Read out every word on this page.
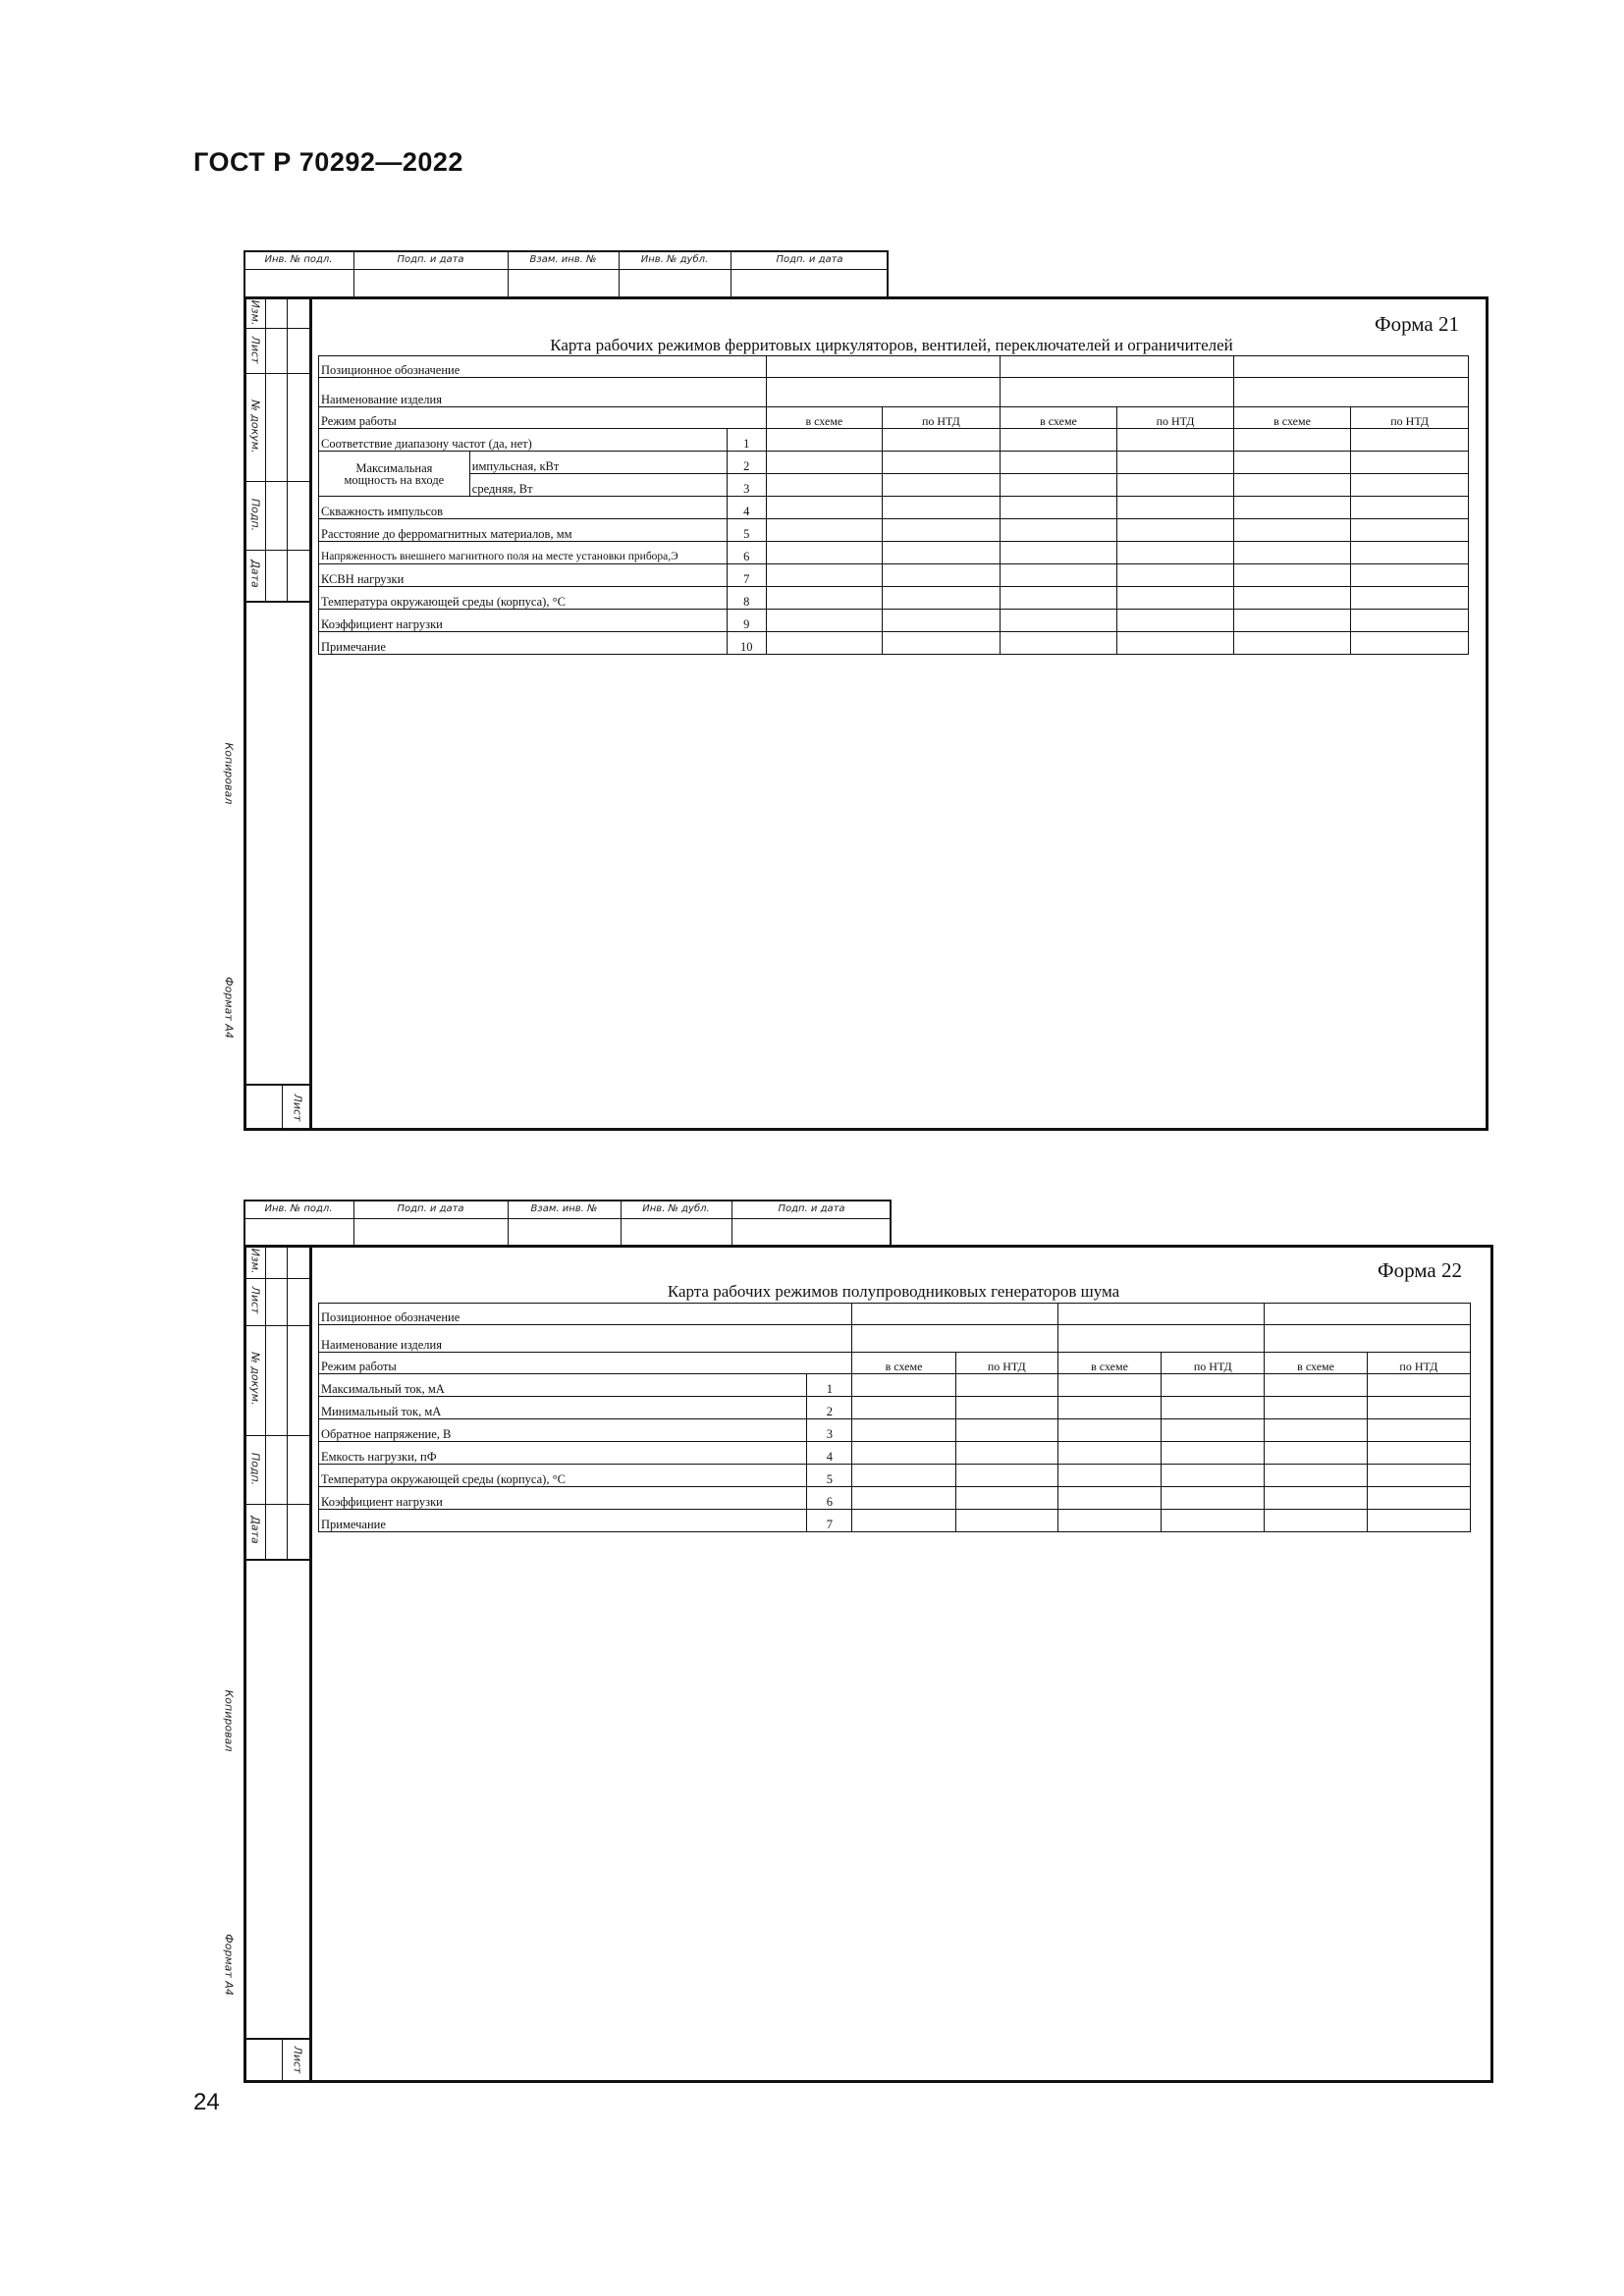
ГОСТ Р 70292—2022
24
Инв. № подл.	Подп. и дата	Взам. инв. №	Инв. № дубл.	Подп. и дата
Изм.
Лист
№ докум.
Подп.
Дата
Копировал
Формат А4
Лист
Форма 21
Карта рабочих режимов ферритовых циркуляторов, вентилей, переключателей и ограничителей
Позиционное обозначение								
Наименование изделия								
Режим работы			в схеме	по НТД	в схеме	по НТД	в схеме	по НТД
Соответствие диапазону частот (да, нет)		1						
Максимальная
мощность на входе	импульсная, кВт	2						
	средняя, Вт	3						
Скважность импульсов		4						
Расстояние до ферромагнитных материалов, мм		5						
Напряженность внешнего магнитного поля на месте установки прибора,Э		6						
КСВН нагрузки		7						
Температура окружающей среды (корпуса), °С		8						
Коэффициент нагрузки		9						
Примечание		10						
Инв. № подл.	Подп. и дата	Взам. инв. №	Инв. № дубл.	Подп. и дата
Изм.
Лист
№ докум.
Подп.
Дата
Копировал
Формат А4
Лист
Форма 22
Карта рабочих режимов полупроводниковых генераторов шума
Позиционное обозначение							
Наименование изделия							
Режим работы		в схеме	по НТД	в схеме	по НТД	в схеме	по НТД
Максимальный ток, мА	1						
Минимальный ток, мА	2						
Обратное напряжение, В	3						
Емкость нагрузки, пФ	4						
Температура окружающей среды (корпуса), °С	5						
Коэффициент нагрузки	6						
Примечание	7						
